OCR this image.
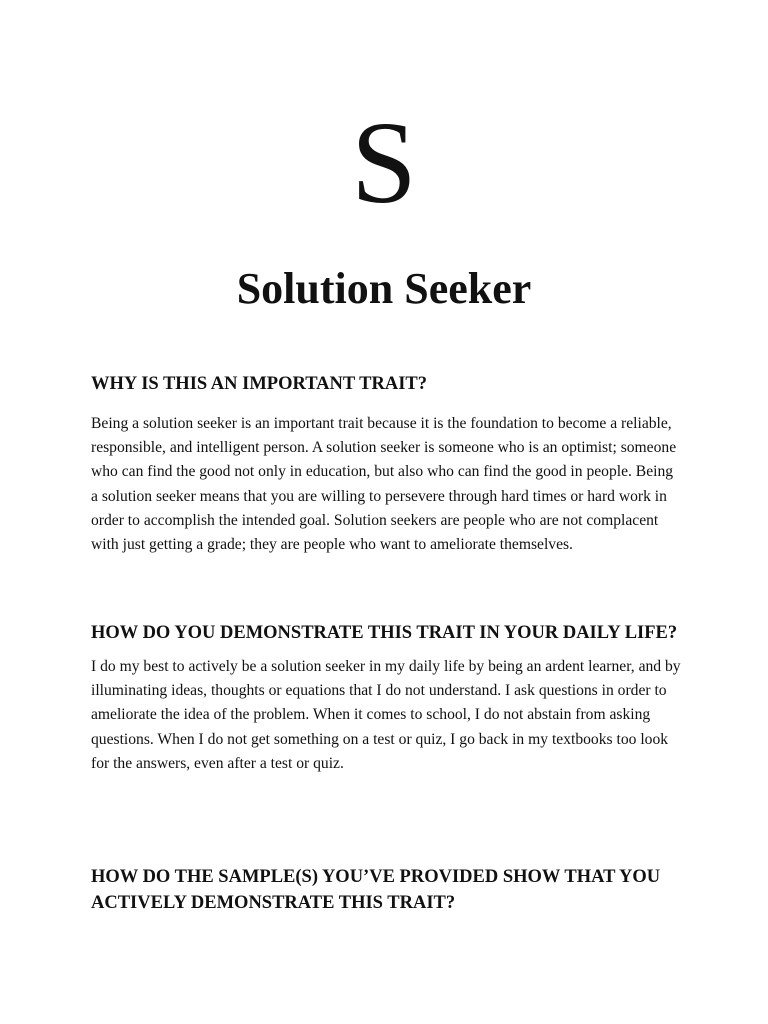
S
Solution Seeker
WHY IS THIS AN IMPORTANT TRAIT?

Being a solution seeker is an important trait because it is the foundation to become a reliable, responsible, and intelligent person. A solution seeker is someone who is an optimist; someone who can find the good not only in education, but also who can find the good in people. Being a solution seeker means that you are willing to persevere through hard times or hard work in order to accomplish the intended goal. Solution seekers are people who are not complacent with just getting a grade; they are people who want to ameliorate themselves.

HOW DO YOU DEMONSTRATE THIS TRAIT IN YOUR DAILY LIFE?

I do my best to actively be a solution seeker in my daily life by being an ardent learner, and by illuminating ideas, thoughts or equations that I do not understand. I ask questions in order to ameliorate the idea of the problem. When it comes to school, I do not abstain from asking questions. When I do not get something on a test or quiz, I go back in my textbooks too look for the answers, even after a test or quiz.

HOW DO THE SAMPLE(S) YOU’VE PROVIDED SHOW THAT YOU ACTIVELY DEMONSTRATE THIS TRAIT?
